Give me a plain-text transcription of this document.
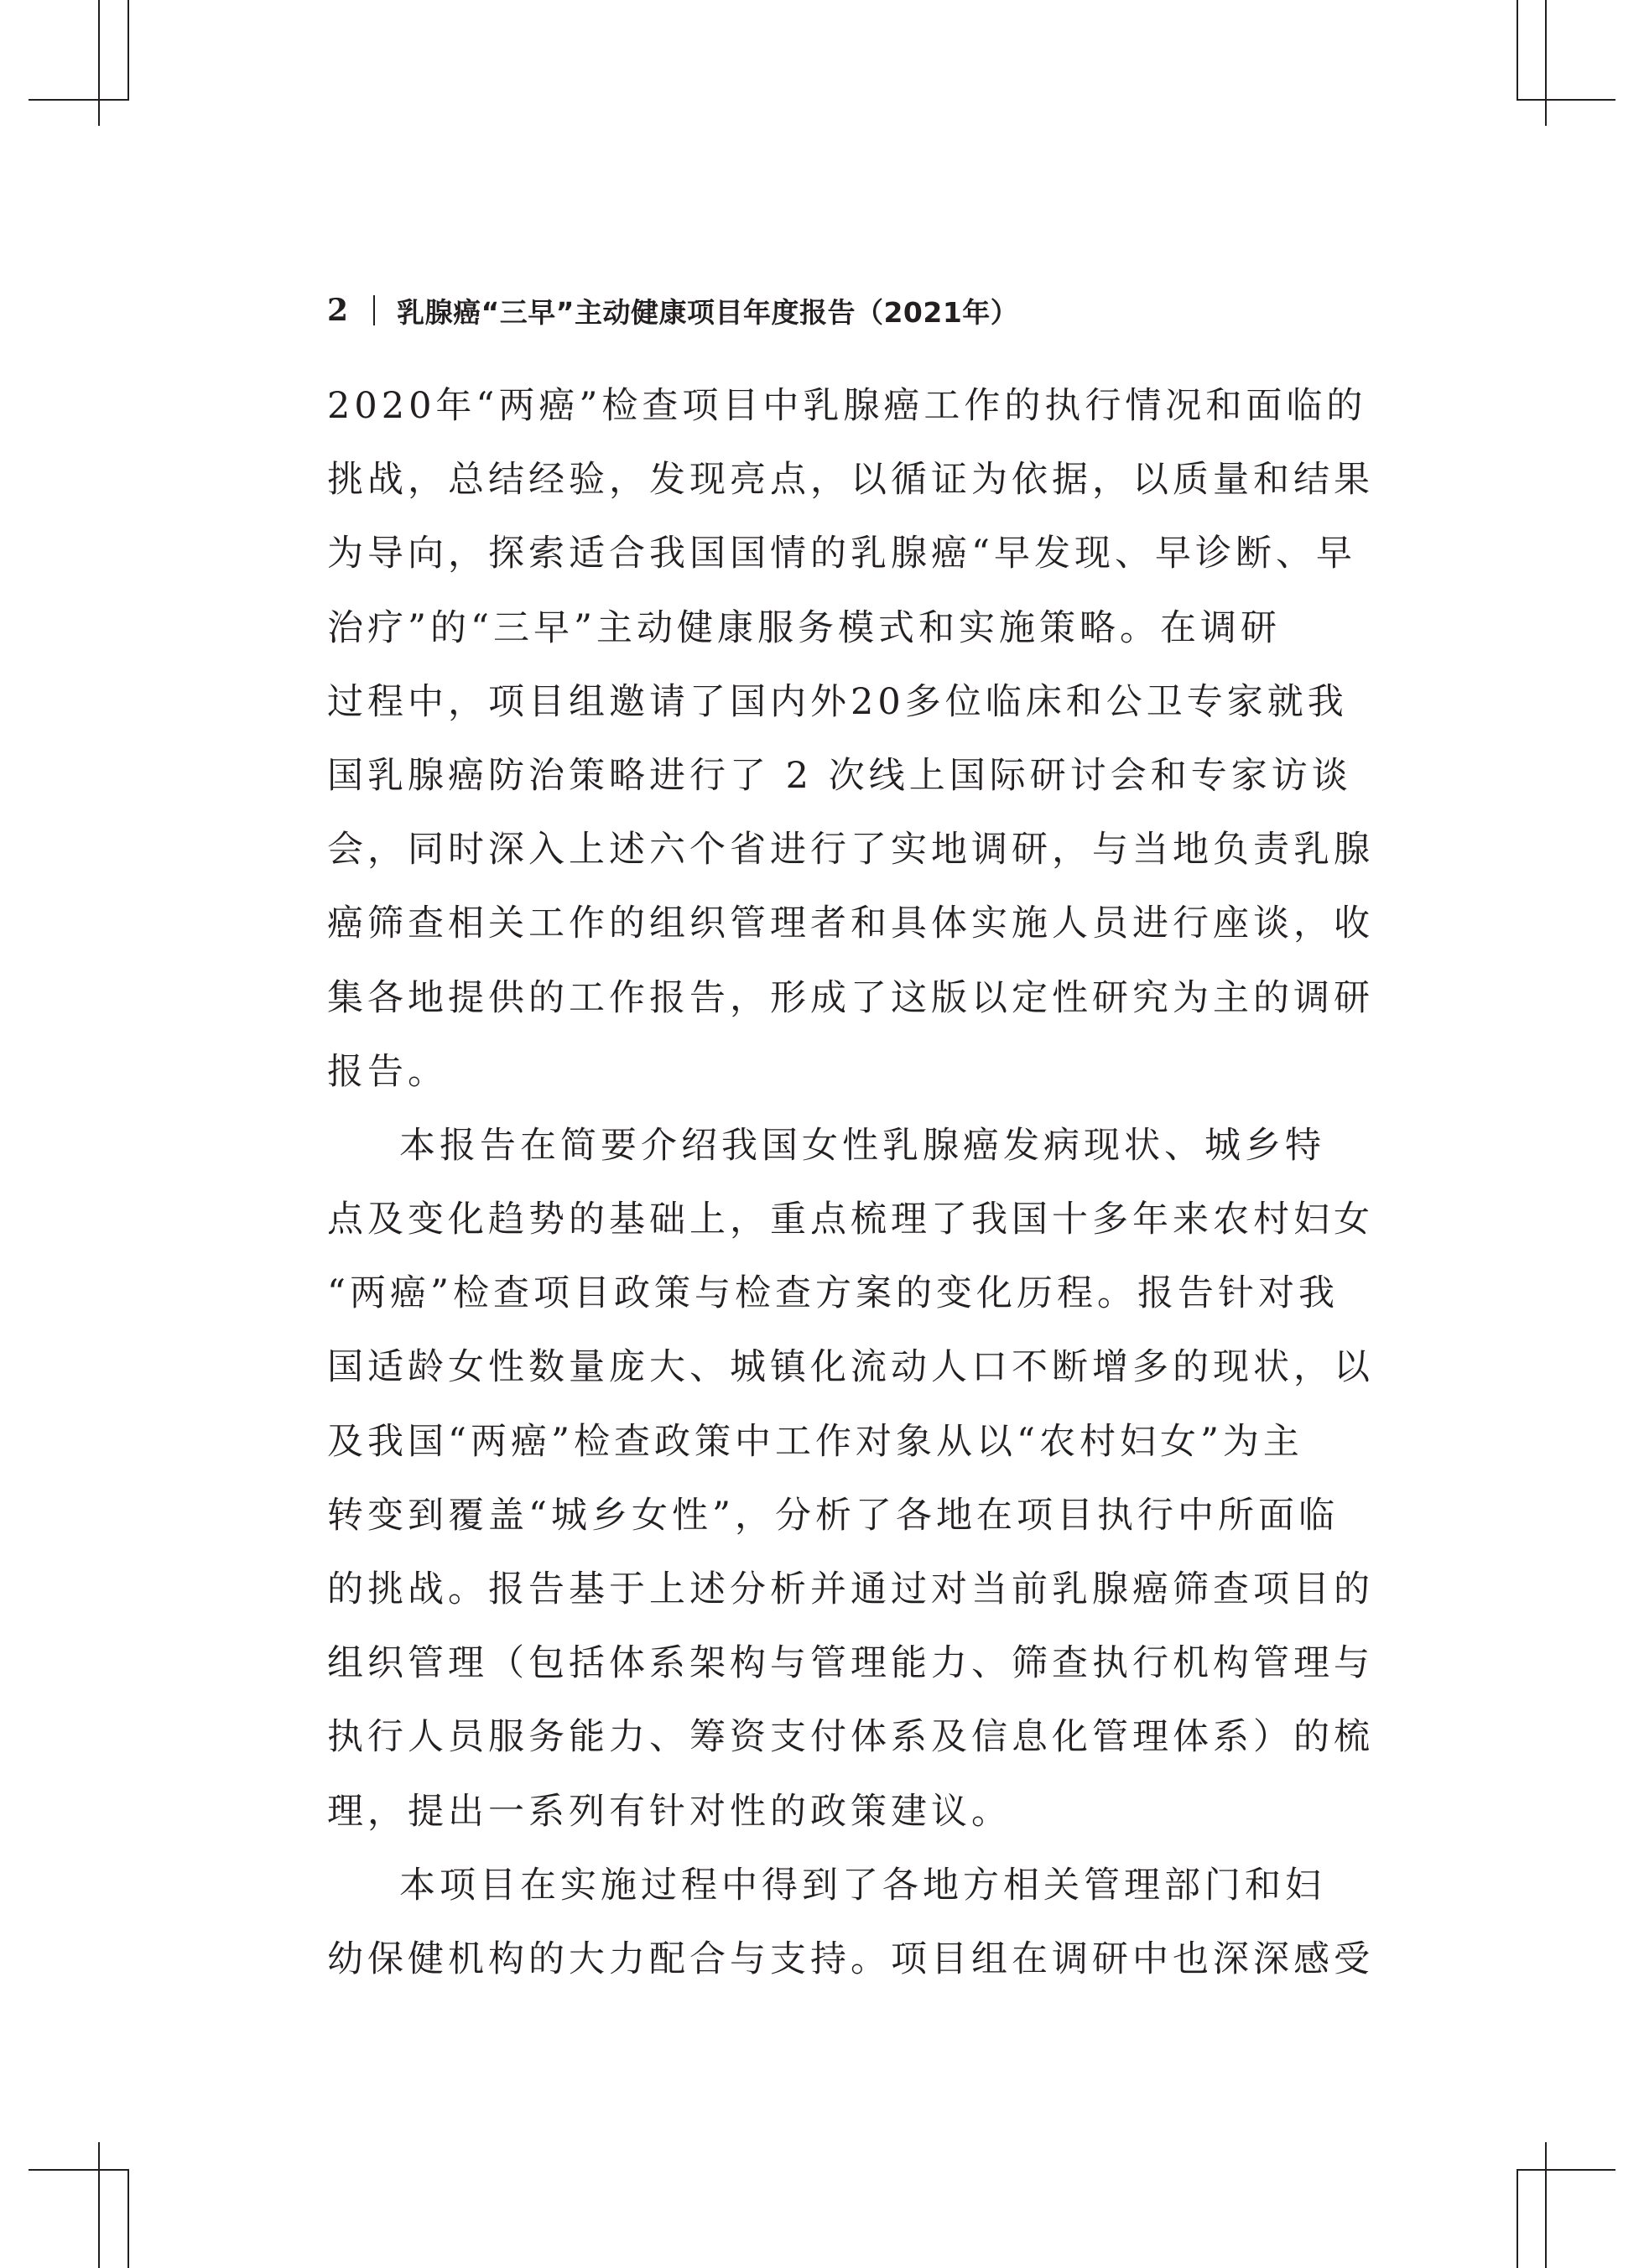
2 乳腺癌“三早”主动健康项目年度报告（2021年）

2020年“两癌”检查项目中乳腺癌工作的执行情况和面临的
挑战，总结经验，发现亮点，以循证为依据，以质量和结果
为导向，探索适合我国国情的乳腺癌“早发现、早诊断、早
治疗”的“三早”主动健康服务模式和实施策略。在调研
过程中，项目组邀请了国内外20多位临床和公卫专家就我
国乳腺癌防治策略进行了 2 次线上国际研讨会和专家访谈
会，同时深入上述六个省进行了实地调研，与当地负责乳腺
癌筛查相关工作的组织管理者和具体实施人员进行座谈，收
集各地提供的工作报告，形成了这版以定性研究为主的调研
报告。

本报告在简要介绍我国女性乳腺癌发病现状、城乡特
点及变化趋势的基础上，重点梳理了我国十多年来农村妇女
“两癌”检查项目政策与检查方案的变化历程。报告针对我
国适龄女性数量庞大、城镇化流动人口不断增多的现状，以
及我国“两癌”检查政策中工作对象从以“农村妇女”为主
转变到覆盖“城乡女性”，分析了各地在项目执行中所面临
的挑战。报告基于上述分析并通过对当前乳腺癌筛查项目的
组织管理（包括体系架构与管理能力、筛查执行机构管理与
执行人员服务能力、筹资支付体系及信息化管理体系）的梳
理，提出一系列有针对性的政策建议。

本项目在实施过程中得到了各地方相关管理部门和妇
幼保健机构的大力配合与支持。项目组在调研中也深深感受
